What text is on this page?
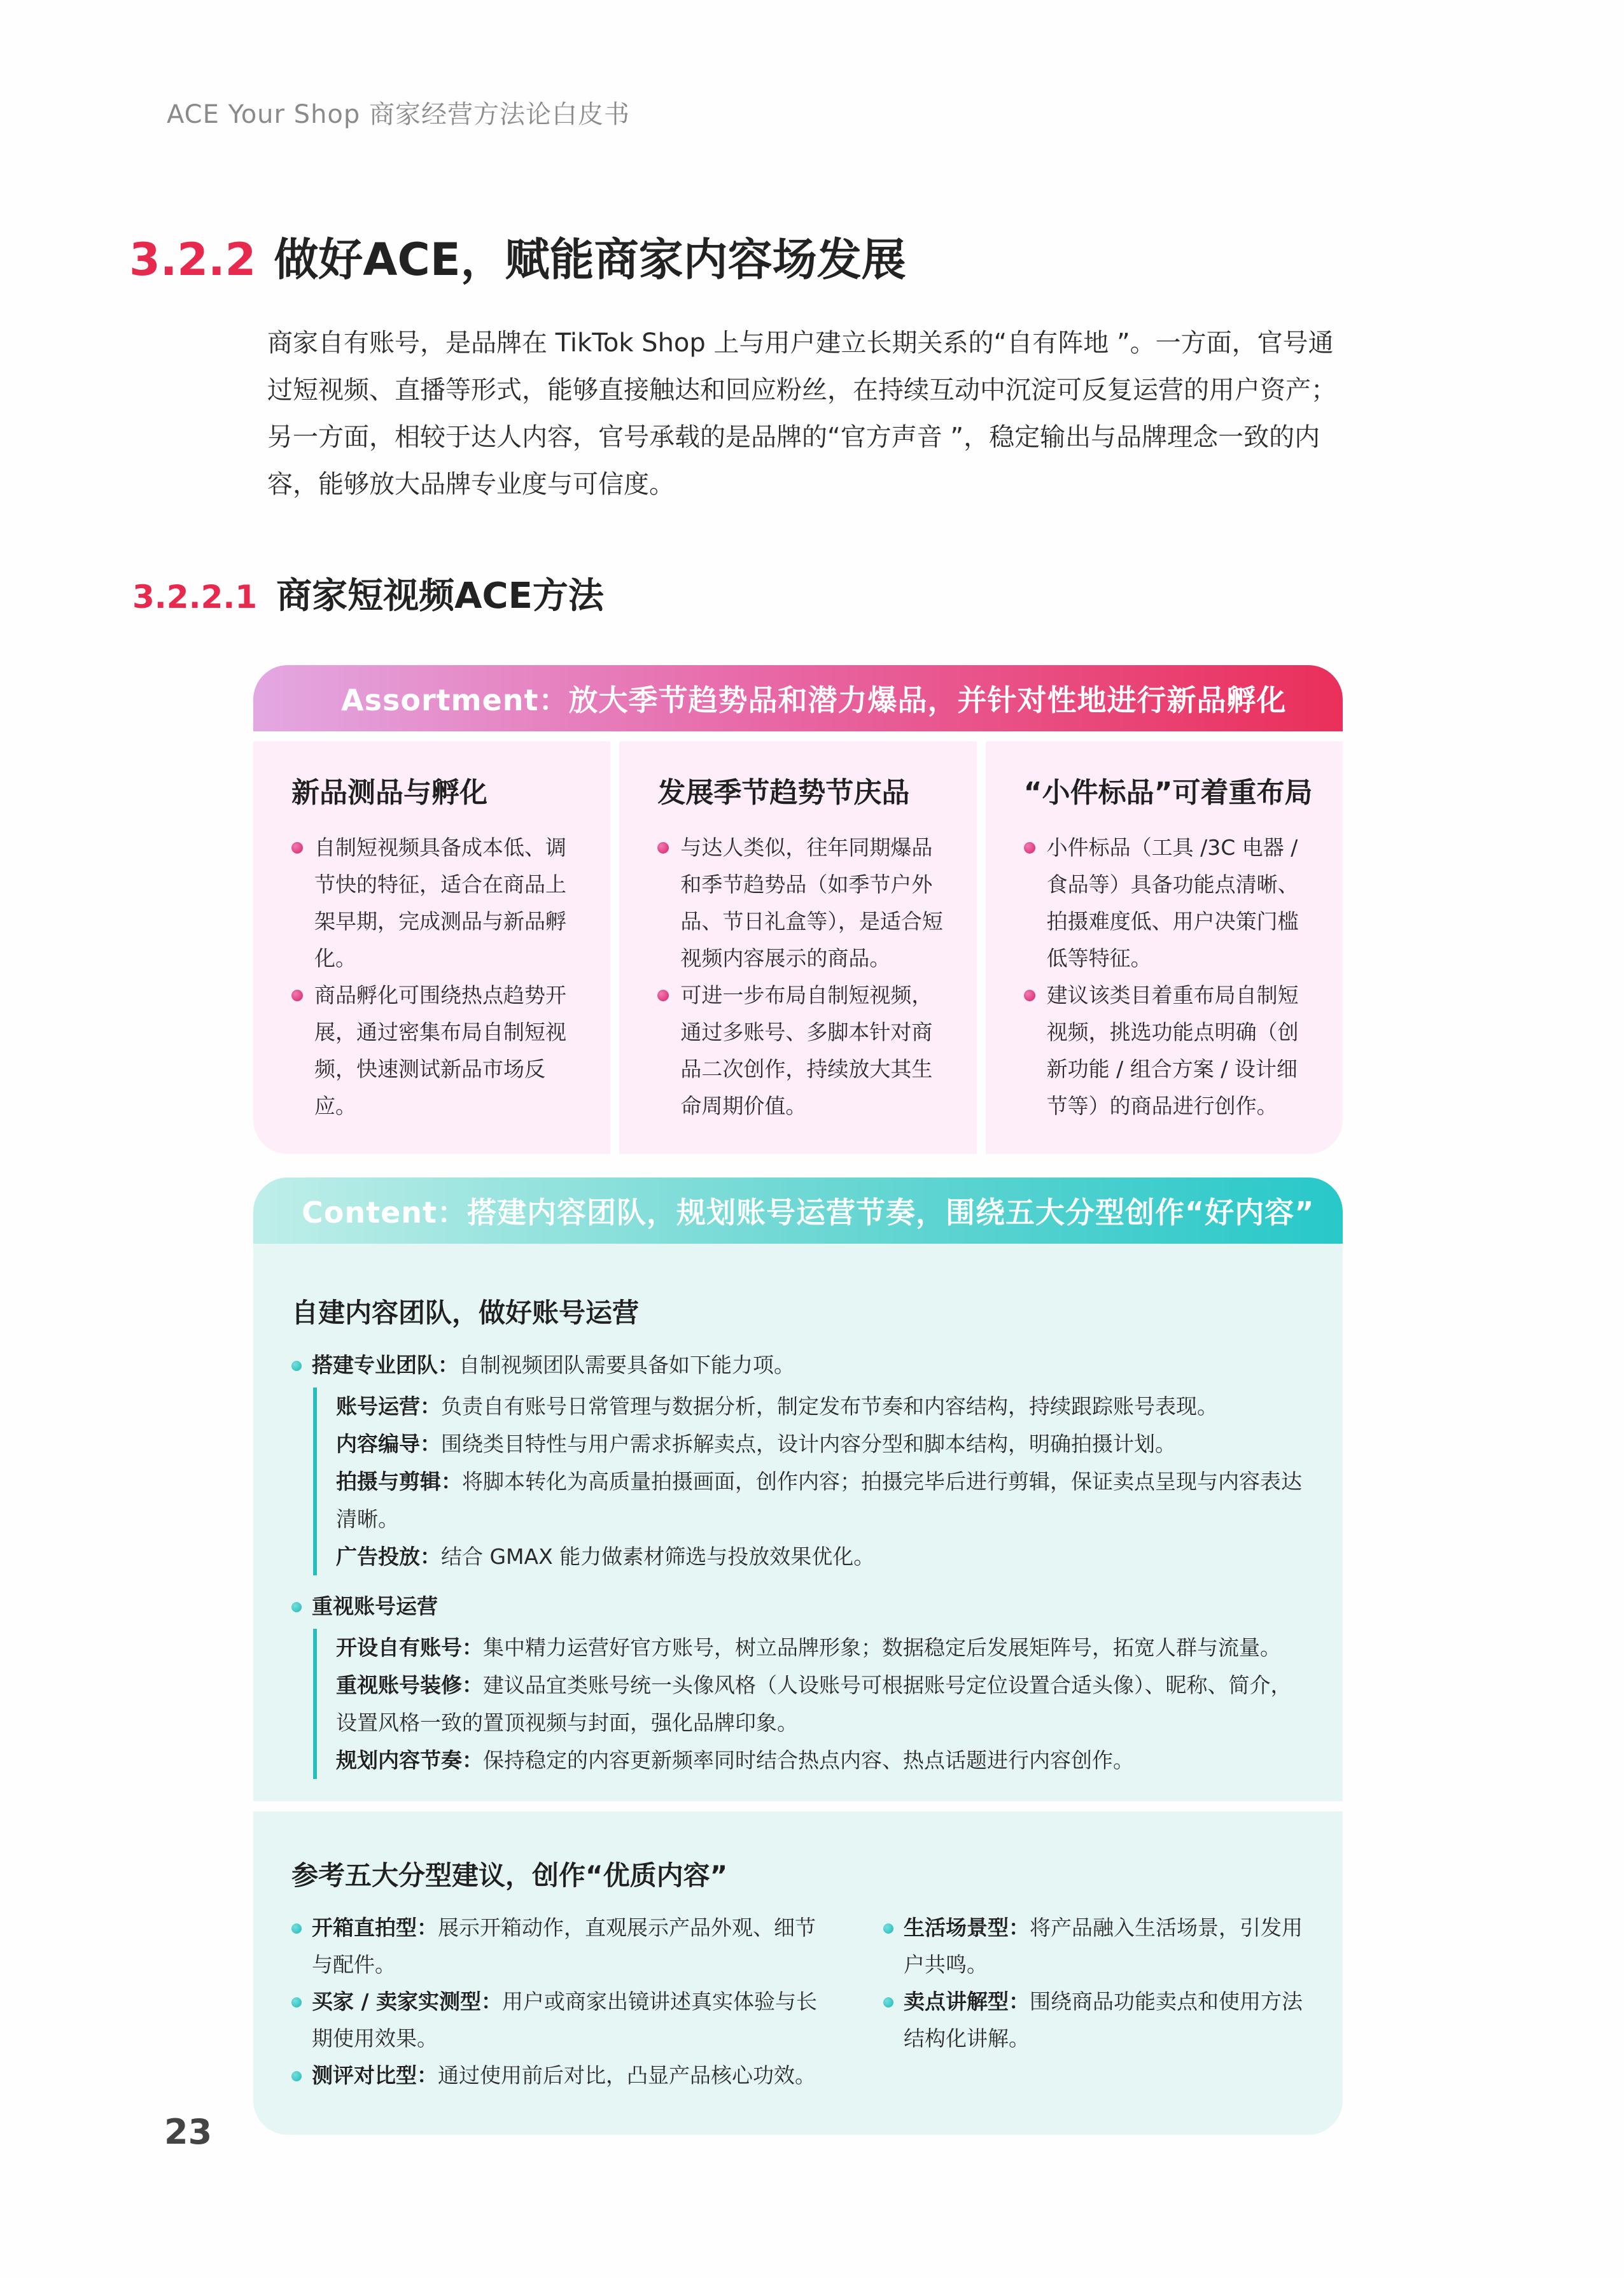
ACE Your Shop 商家经营方法论白皮书
3.2.2 做好ACE，赋能商家内容场发展

商家自有账号，是品牌在 TikTok Shop 上与用户建立长期关系的“自有阵地 ”。一方面，官号通过短视频、直播等形式，能够直接触达和回应粉丝，在持续互动中沉淀可反复运营的用户资产；另一方面，相较于达人内容，官号承载的是品牌的“官方声音 ”，稳定输出与品牌理念一致的内容，能够放大品牌专业度与可信度。

3.2.2.1 商家短视频ACE方法
Assortment：放大季节趋势品和潜力爆品，并针对性地进行新品孵化
新品测品与孵化
自制短视频具备成本低、调节快的特征，适合在商品上架早期，完成测品与新品孵化。
商品孵化可围绕热点趋势开展，通过密集布局自制短视频，快速测试新品市场反应。
发展季节趋势节庆品
与达人类似，往年同期爆品和季节趋势品（如季节户外品、节日礼盒等），是适合短视频内容展示的商品。
可进一步布局自制短视频，通过多账号、多脚本针对商品二次创作，持续放大其生命周期价值。
“小件标品”可着重布局
小件标品（工具 /3C 电器 / 食品等）具备功能点清晰、拍摄难度低、用户决策门槛低等特征。
建议该类目着重布局自制短视频，挑选功能点明确（创新功能 / 组合方案 / 设计细节等）的商品进行创作。
Content：搭建内容团队，规划账号运营节奏，围绕五大分型创作“好内容”
自建内容团队，做好账号运营
搭建专业团队：自制视频团队需要具备如下能力项。
账号运营：负责自有账号日常管理与数据分析，制定发布节奏和内容结构，持续跟踪账号表现。
内容编导：围绕类目特性与用户需求拆解卖点，设计内容分型和脚本结构，明确拍摄计划。
拍摄与剪辑：将脚本转化为高质量拍摄画面，创作内容；拍摄完毕后进行剪辑，保证卖点呈现与内容表达清晰。
广告投放：结合 GMAX 能力做素材筛选与投放效果优化。
重视账号运营
开设自有账号：集中精力运营好官方账号，树立品牌形象；数据稳定后发展矩阵号，拓宽人群与流量。
重视账号装修：建议品宜类账号统一头像风格（人设账号可根据账号定位设置合适头像）、昵称、简介，设置风格一致的置顶视频与封面，强化品牌印象。
规划内容节奏：保持稳定的内容更新频率同时结合热点内容、热点话题进行内容创作。
参考五大分型建议，创作“优质内容”
开箱直拍型：展示开箱动作，直观展示产品外观、细节与配件。
买家 / 卖家实测型：用户或商家出镜讲述真实体验与长期使用效果。
测评对比型：通过使用前后对比，凸显产品核心功效。
生活场景型：将产品融入生活场景，引发用户共鸣。
卖点讲解型：围绕商品功能卖点和使用方法结构化讲解。
23
